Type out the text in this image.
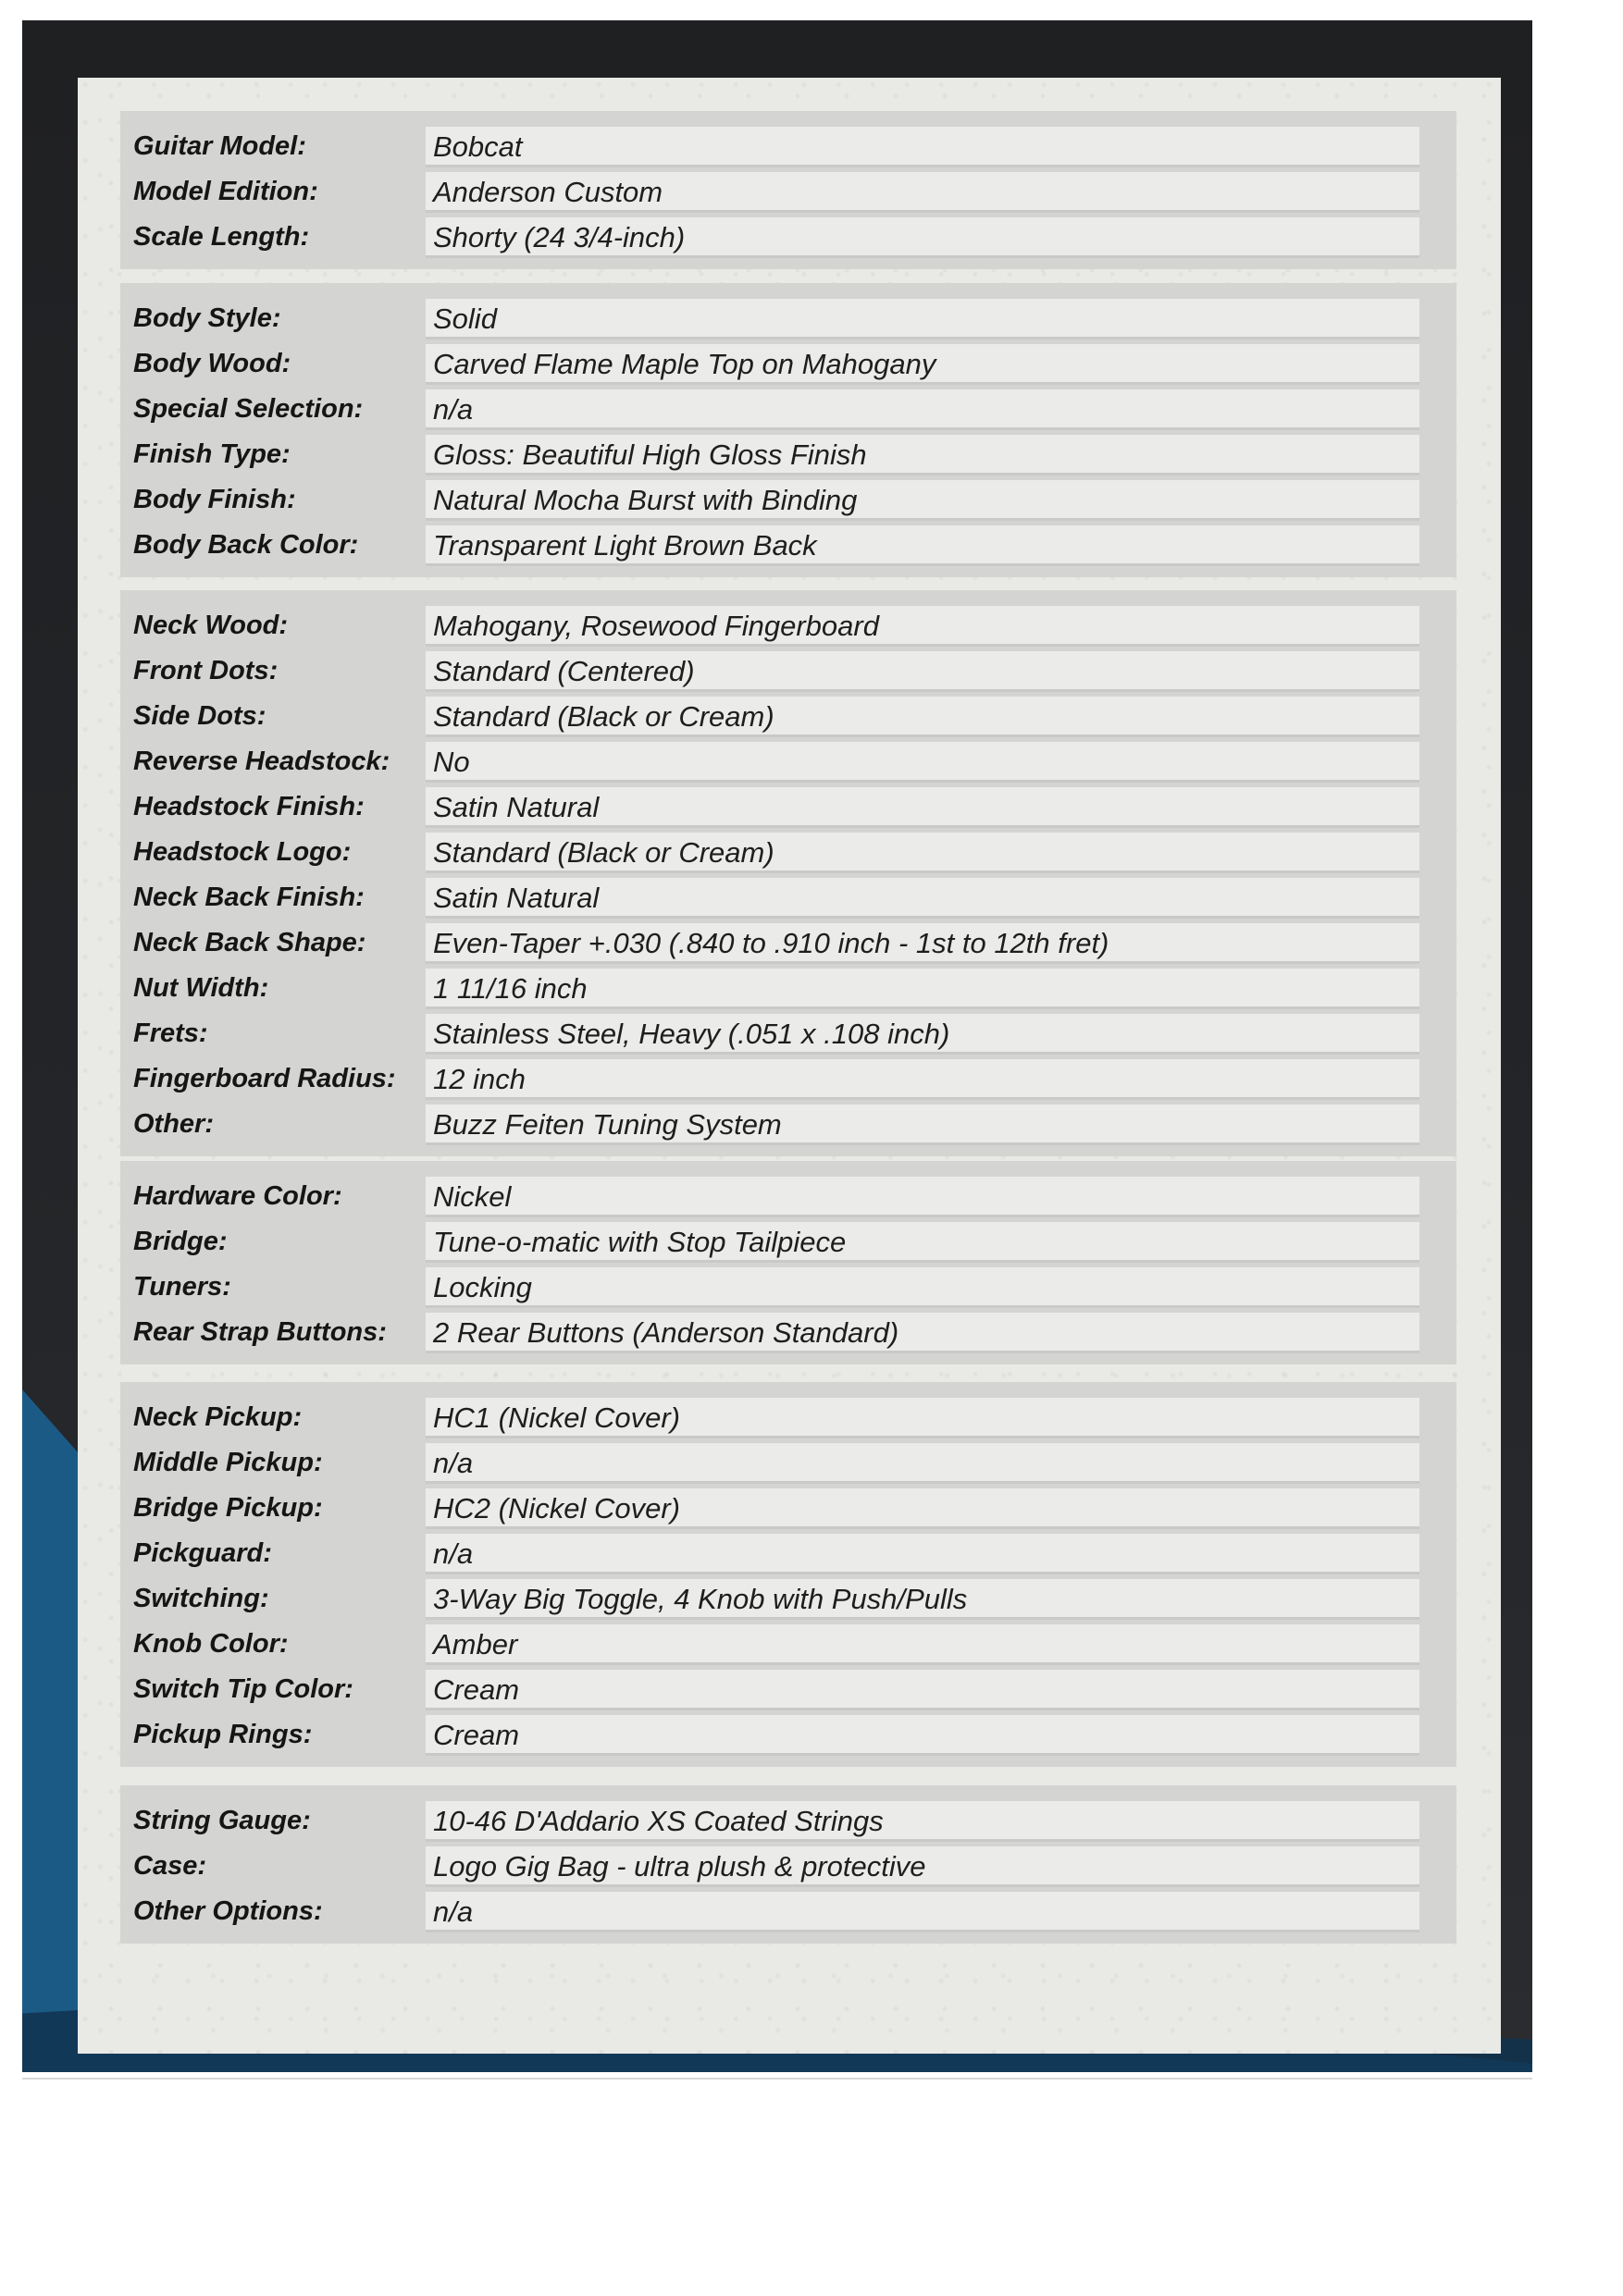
Guitar Model:	Bobcat
Model Edition:	Anderson Custom
Scale Length:	Shorty (24 3/4-inch)
Body Style:	Solid
Body Wood:	Carved Flame Maple Top on Mahogany
Special Selection:	n/a
Finish Type:	Gloss: Beautiful High Gloss Finish
Body Finish:	Natural Mocha Burst with Binding
Body Back Color:	Transparent Light Brown Back
Neck Wood:	Mahogany, Rosewood Fingerboard
Front Dots:	Standard (Centered)
Side Dots:	Standard (Black or Cream)
Reverse Headstock:	No
Headstock Finish:	Satin Natural
Headstock Logo:	Standard (Black or Cream)
Neck Back Finish:	Satin Natural
Neck Back Shape:	Even-Taper +.030 (.840 to .910 inch - 1st to 12th fret)
Nut Width:	1 11/16 inch
Frets:	Stainless Steel, Heavy (.051 x .108 inch)
Fingerboard Radius:	12 inch
Other:	Buzz Feiten Tuning System
Hardware Color:	Nickel
Bridge:	Tune-o-matic with Stop Tailpiece
Tuners:	Locking
Rear Strap Buttons:	2 Rear Buttons (Anderson Standard)
Neck Pickup:	HC1 (Nickel Cover)
Middle Pickup:	n/a
Bridge Pickup:	HC2 (Nickel Cover)
Pickguard:	n/a
Switching:	3-Way Big Toggle, 4 Knob with Push/Pulls
Knob Color:	Amber
Switch Tip Color:	Cream
Pickup Rings:	Cream
String Gauge:	10-46 D'Addario XS Coated Strings
Case:	Logo Gig Bag - ultra plush & protective
Other Options:	n/a
